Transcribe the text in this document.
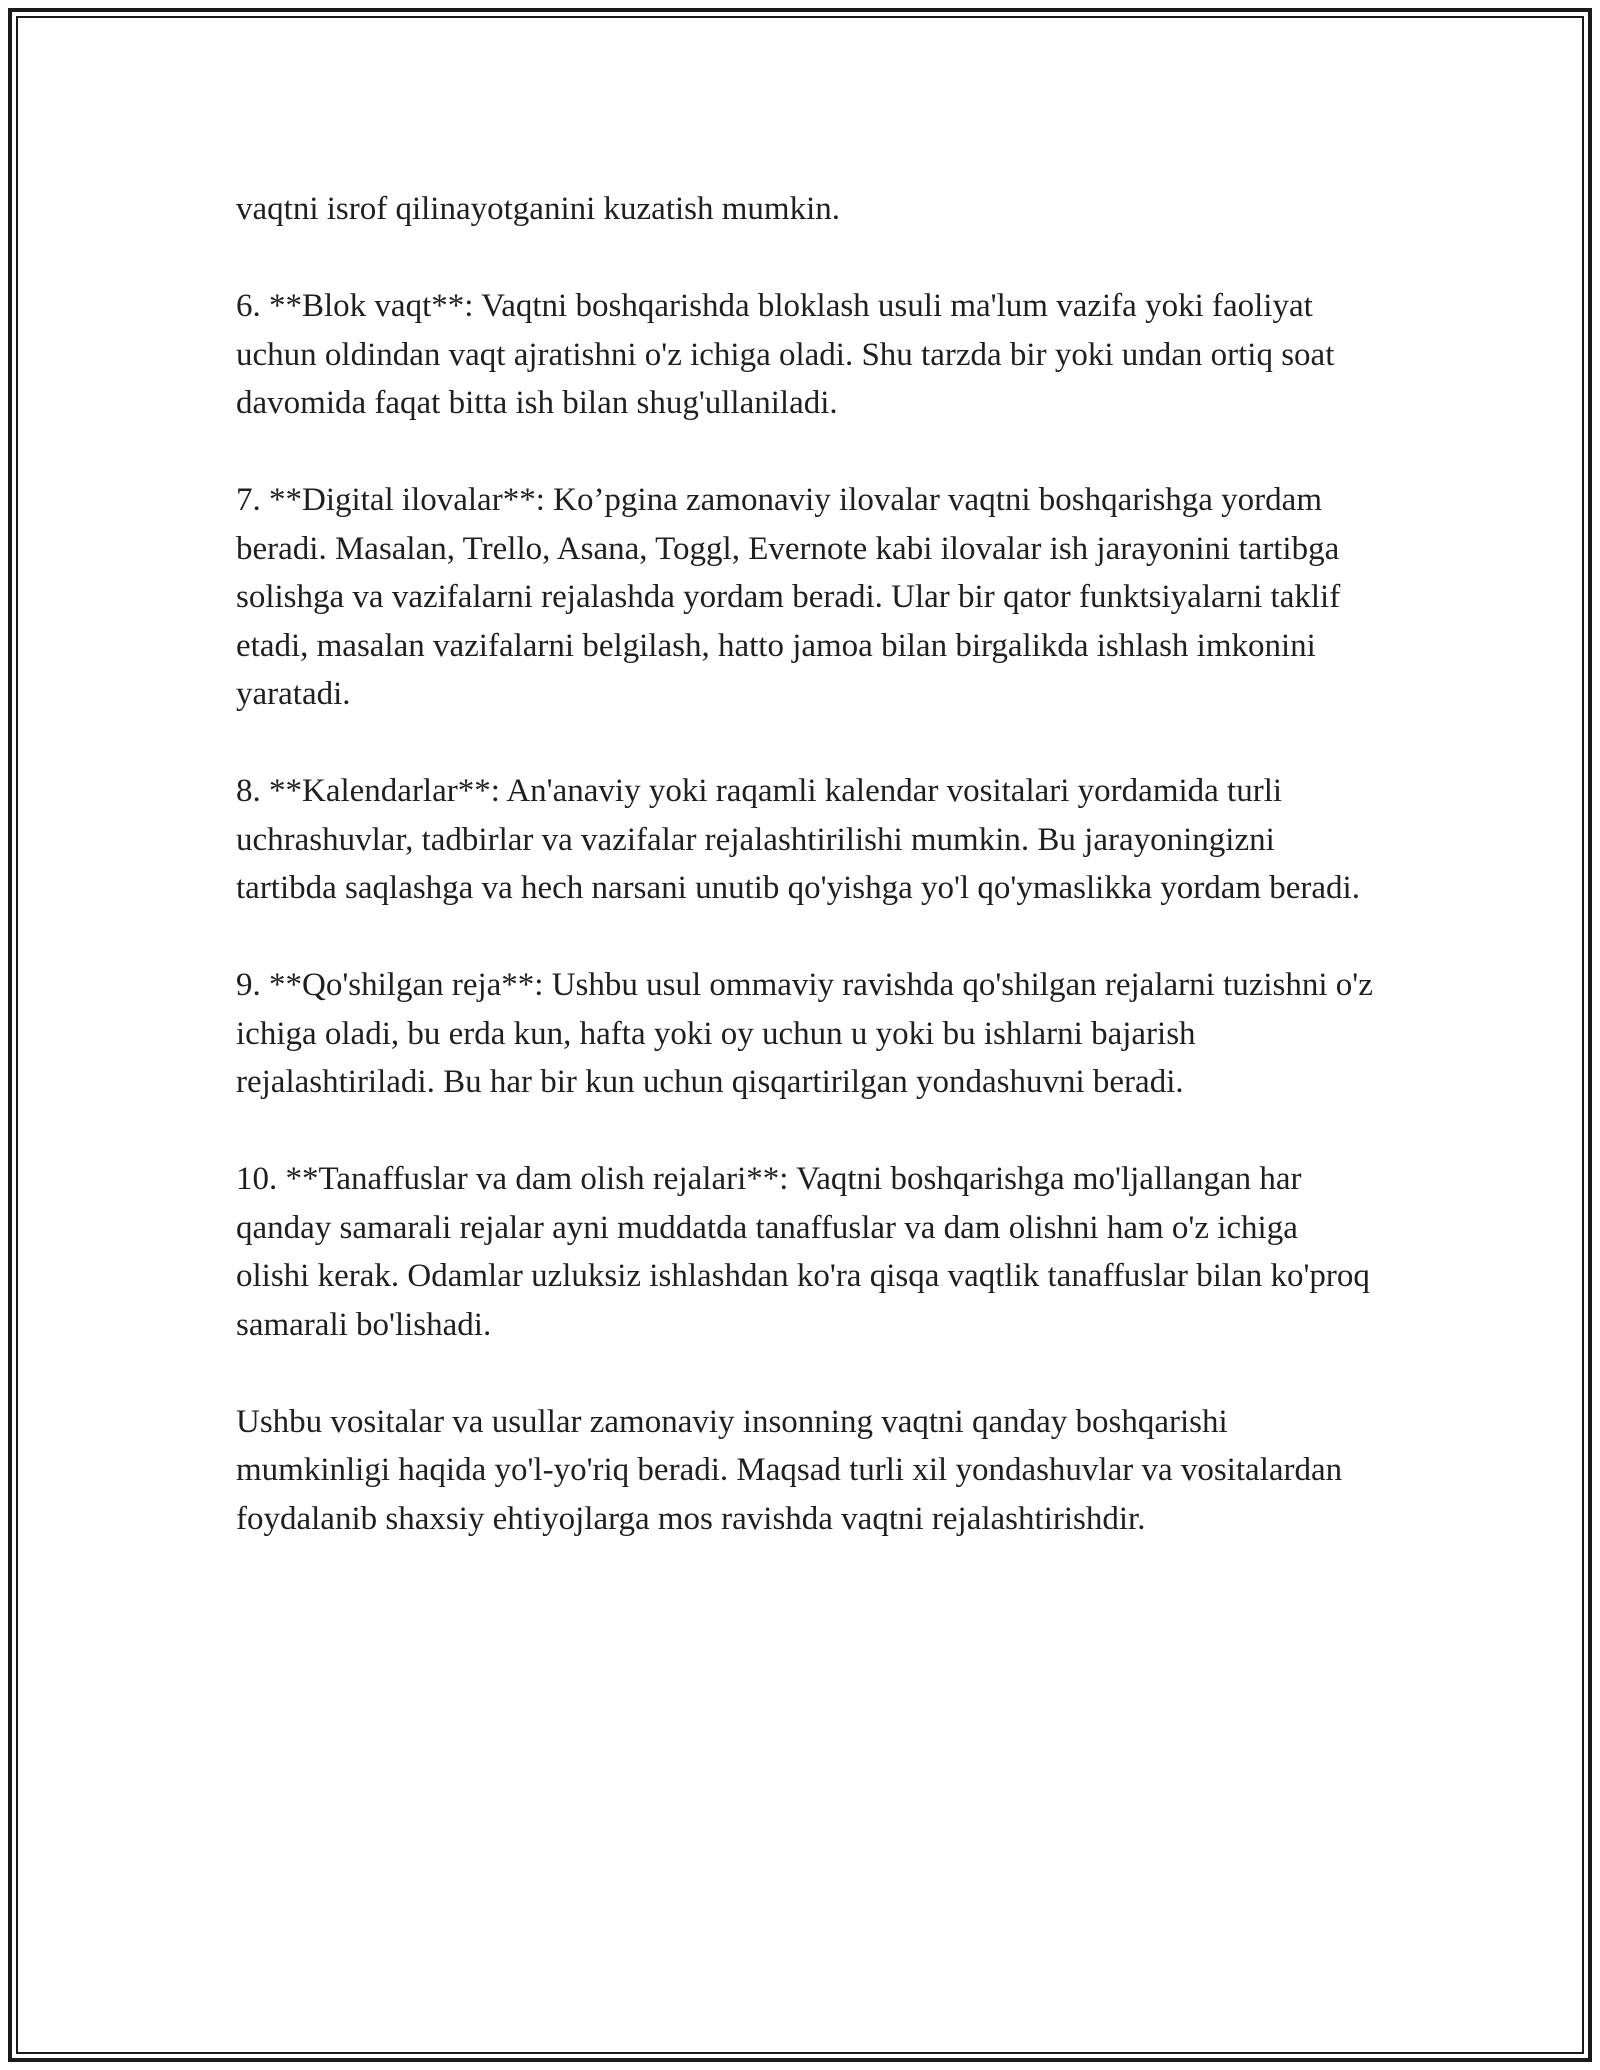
vaqtni isrof qilinayotganini kuzatish mumkin.

6. **Blok vaqt**: Vaqtni boshqarishda bloklash usuli ma'lum vazifa yoki faoliyat uchun oldindan vaqt ajratishni o'z ichiga oladi. Shu tarzda bir yoki undan ortiq soat davomida faqat bitta ish bilan shug'ullaniladi.

7. **Digital ilovalar**: Ko’pgina zamonaviy ilovalar vaqtni boshqarishga yordam beradi. Masalan, Trello, Asana, Toggl, Evernote kabi ilovalar ish jarayonini tartibga solishga va vazifalarni rejalashda yordam beradi. Ular bir qator funktsiyalarni taklif etadi, masalan vazifalarni belgilash, hatto jamoa bilan birgalikda ishlash imkonini yaratadi.

8. **Kalendarlar**: An'anaviy yoki raqamli kalendar vositalari yordamida turli uchrashuvlar, tadbirlar va vazifalar rejalashtirilishi mumkin. Bu jarayoningizni tartibda saqlashga va hech narsani unutib qo'yishga yo'l qo'ymaslikka yordam beradi.

9. **Qo'shilgan reja**: Ushbu usul ommaviy ravishda qo'shilgan rejalarni tuzishni o'z ichiga oladi, bu erda kun, hafta yoki oy uchun u yoki bu ishlarni bajarish rejalashtiriladi. Bu har bir kun uchun qisqartirilgan yondashuvni beradi.

10. **Tanaffuslar va dam olish rejalari**: Vaqtni boshqarishga mo'ljallangan har qanday samarali rejalar ayni muddatda tanaffuslar va dam olishni ham o'z ichiga olishi kerak. Odamlar uzluksiz ishlashdan ko'ra qisqa vaqtlik tanaffuslar bilan ko'proq samarali bo'lishadi.

Ushbu vositalar va usullar zamonaviy insonning vaqtni qanday boshqarishi mumkinligi haqida yo'l-yo'riq beradi. Maqsad turli xil yondashuvlar va vositalardan foydalanib shaxsiy ehtiyojlarga mos ravishda vaqtni rejalashtirishdir.
